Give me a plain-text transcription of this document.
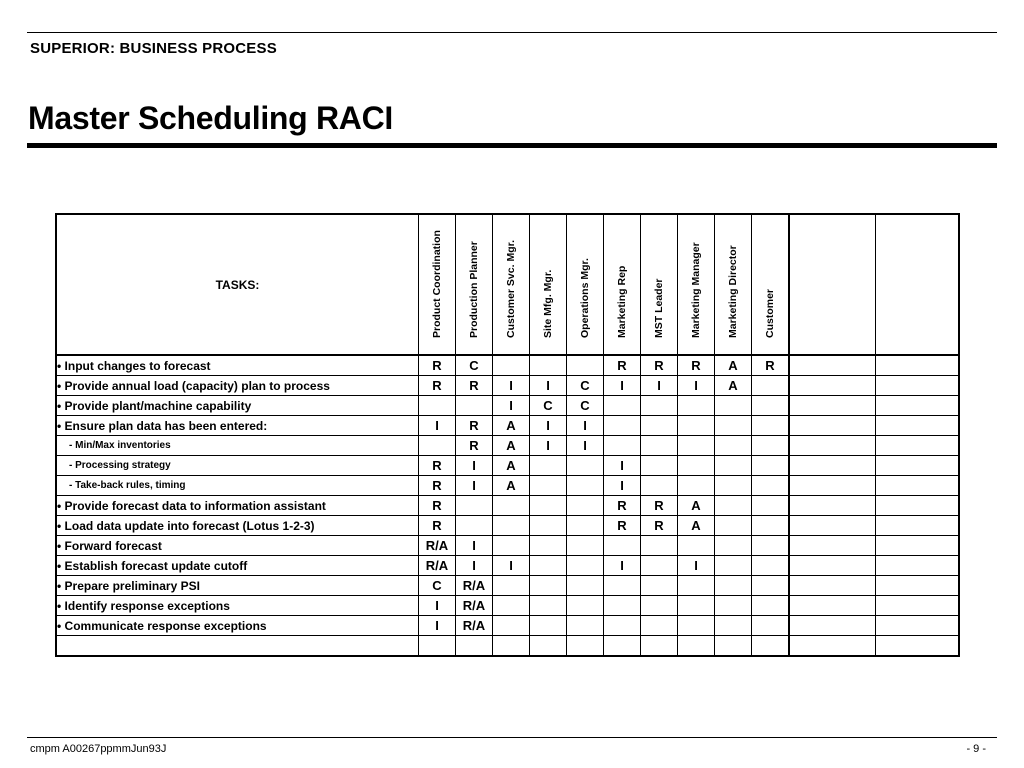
SUPERIOR: BUSINESS PROCESS
Master Scheduling RACI
TASKS:	Product Coordination	Production Planner	Customer Svc. Mgr.	Site Mfg. Mgr.	Operations Mgr.	Marketing Rep	MST Leader	Marketing Manager	Marketing Director	Customer		

• Input changes to forecast	R	C				R	R	R	A	R		
• Provide annual load (capacity) plan to process	R	R	I	I	C	I	I	I	A			
• Provide plant/machine capability			I	C	C							
• Ensure plan data has been entered:	I	R	A	I	I							
- Min/Max inventories		R	A	I	I							
- Processing strategy	R	I	A			I						
- Take-back rules, timing	R	I	A			I						
• Provide forecast data to information assistant	R					R	R	A				
• Load data update into forecast (Lotus 1-2-3)	R					R	R	A				
• Forward forecast	R/A	I										
• Establish forecast update cutoff	R/A	I	I			I		I				
• Prepare preliminary PSI	C	R/A										
• Identify response exceptions	I	R/A										
• Communicate response exceptions	I	R/A										

cmpm A00267ppmmJun93J	- 9 -
